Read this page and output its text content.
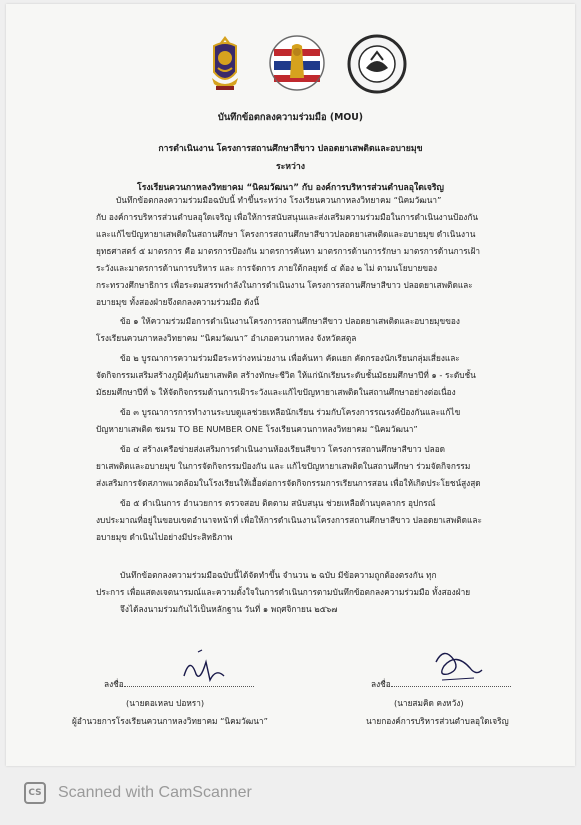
บันทึกข้อตกลงความร่วมมือ (MOU)
การดำเนินงาน โครงการสถานศึกษาสีขาว ปลอดยาเสพติดและอบายมุข
ระหว่าง
โรงเรียนควนกาหลงวิทยาคม “นิคมวัฒนา” กับ องค์การบริหารส่วนตำบลอุใดเจริญ
บันทึกข้อตกลงความร่วมมือฉบับนี้ ทำขึ้นระหว่าง โรงเรียนควนกาหลงวิทยาคม “นิคมวัฒนา”
กับ องค์การบริหารส่วนตำบลอุใดเจริญ เพื่อให้การสนับสนุนและส่งเสริมความร่วมมือในการดำเนินงานป้องกัน
และแก้ไขปัญหายาเสพติดในสถานศึกษา โครงการสถานศึกษาสีขาวปลอดยาเสพติดและอบายมุข ดำเนินงาน
ยุทธศาสตร์ ๕ มาตรการ คือ มาตรการป้องกัน มาตรการค้นหา มาตรการด้านการรักษา มาตรการด้านการเฝ้า
ระวังและมาตรการด้านการบริหาร และ การจัดการ ภายใต้กลยุทธ์ ๔ ต้อง ๒ ไม่ ตามนโยบายของ
กระทรวงศึกษาธิการ เพื่อระดมสรรพกำลังในการดำเนินงาน โครงการสถานศึกษาสีขาว ปลอดยาเสพติดและ
อบายมุข ทั้งสองฝ่ายจึงตกลงความร่วมมือ ดังนี้
ข้อ ๑ ให้ความร่วมมือการดำเนินงานโครงการสถานศึกษาสีขาว ปลอดยาเสพติดและอบายมุขของ
โรงเรียนควนกาหลงวิทยาคม “นิคมวัฒนา” อำเภอควนกาหลง จังหวัดสตูล
ข้อ ๒ บูรณาการความร่วมมือระหว่างหน่วยงาน เพื่อค้นหา คัดแยก คัดกรองนักเรียนกลุ่มเสี่ยงและ
จัดกิจกรรมเสริมสร้างภูมิคุ้มกันยาเสพติด สร้างทักษะชีวิต ให้แก่นักเรียนระดับชั้นมัธยมศึกษาปีที่ ๑ - ระดับชั้น
มัธยมศึกษาปีที่ ๖ ให้จัดกิจกรรมด้านการเฝ้าระวังและแก้ไขปัญหายาเสพติดในสถานศึกษาอย่างต่อเนื่อง
ข้อ ๓ บูรณาการการทำงานระบบดูแลช่วยเหลือนักเรียน ร่วมกับโครงการรณรงค์ป้องกันและแก้ไข
ปัญหายาเสพติด ชมรม TO BE NUMBER ONE โรงเรียนควนกาหลงวิทยาคม “นิคมวัฒนา”
ข้อ ๔ สร้างเครือข่ายส่งเสริมการดำเนินงานห้องเรียนสีขาว โครงการสถานศึกษาสีขาว ปลอด
ยาเสพติดและอบายมุข ในการจัดกิจกรรมป้องกัน และ แก้ไขปัญหายาเสพติดในสถานศึกษา ร่วมจัดกิจกรรม
ส่งเสริมการจัดสภาพแวดล้อมในโรงเรียนให้เอื้อต่อการจัดกิจกรรมการเรียนการสอน เพื่อให้เกิดประโยชน์สูงสุด
ข้อ ๕ ดำเนินการ อำนวยการ ตรวจสอบ ติดตาม สนับสนุน ช่วยเหลือด้านบุคลากร อุปกรณ์
งบประมาณที่อยู่ในขอบเขตอำนาจหน้าที่ เพื่อให้การดำเนินงานโครงการสถานศึกษาสีขาว ปลอดยาเสพติดและ
อบายมุข ดำเนินไปอย่างมีประสิทธิภาพ
บันทึกข้อตกลงความร่วมมือฉบับนี้ได้จัดทำขึ้น จำนวน ๒ ฉบับ มีข้อความถูกต้องตรงกัน ทุก
ประการ เพื่อแสดงเจตนารมณ์และความตั้งใจในการดำเนินการตามบันทึกข้อตกลงความร่วมมือ ทั้งสองฝ่าย
จึงได้ลงนามร่วมกันไว้เป็นหลักฐาน วันที่ ๑ พฤศจิกายน ๒๕๖๗
ลงชื่อ
(นายดอเหลบ ปอหรา)
ผู้อำนวยการโรงเรียนควนกาหลงวิทยาคม “นิคมวัฒนา”
ลงชื่อ
(นายสมคิด คงหวัง)
นายกองค์การบริหารส่วนตำบลอุใดเจริญ
CS Scanned with CamScanner
